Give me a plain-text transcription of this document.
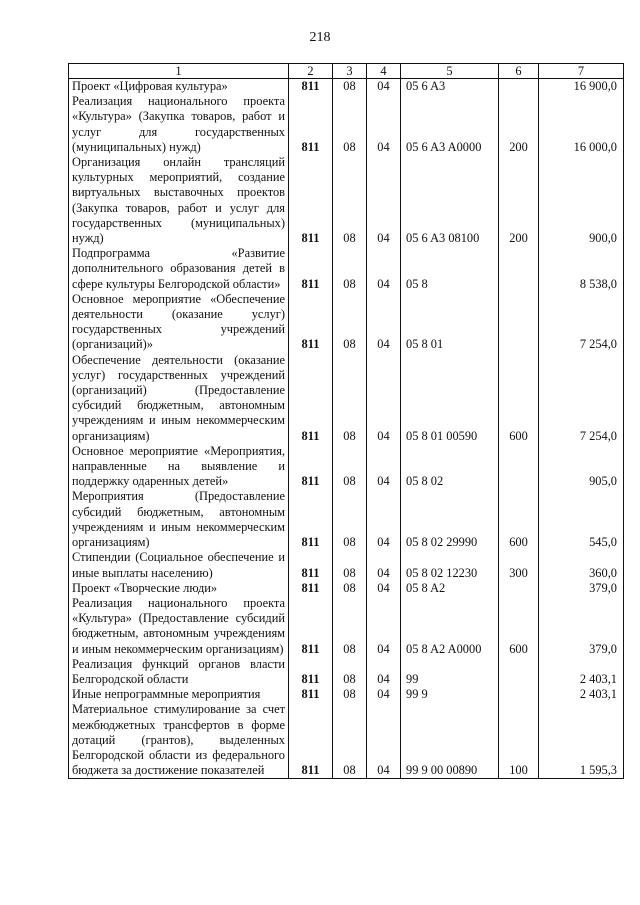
218
1	2	3	4	5	6	7
Проект «Цифровая культура»	811	08	04	05 6 A3		16 900,0
Реализация национального проекта «Культура» (Закупка товаров, работ и услуг для государственных (муниципальных) нужд)	811	08	04	05 6 A3 A0000	200	16 000,0
Организация онлайн трансляций культурных мероприятий, создание виртуальных выставочных проектов (Закупка товаров, работ и услуг для государственных (муниципальных) нужд)	811	08	04	05 6 A3 08100	200	900,0
Подпрограмма «Развитие дополнительного образования детей в сфере культуры Белгородской области»	811	08	04	05 8		8 538,0
Основное мероприятие «Обеспечение деятельности (оказание услуг) государственных учреждений (организаций)»	811	08	04	05 8 01		7 254,0
Обеспечение деятельности (оказание услуг) государственных учреждений (организаций) (Предоставление субсидий бюджетным, автономным учреждениям и иным некоммерческим организациям)	811	08	04	05 8 01 00590	600	7 254,0
Основное мероприятие «Мероприятия, направленные на выявление и поддержку одаренных детей»	811	08	04	05 8 02		905,0
Мероприятия (Предоставление субсидий бюджетным, автономным учреждениям и иным некоммерческим организациям)	811	08	04	05 8 02 29990	600	545,0
Стипендии (Социальное обеспечение и иные выплаты населению)	811	08	04	05 8 02 12230	300	360,0
Проект «Творческие люди»	811	08	04	05 8 A2		379,0
Реализация национального проекта «Культура» (Предоставление субсидий бюджетным, автономным учреждениям и иным некоммерческим организациям)	811	08	04	05 8 A2 A0000	600	379,0
Реализация функций органов власти Белгородской области	811	08	04	99		2 403,1
Иные непрограммные мероприятия	811	08	04	99 9		2 403,1
Материальное стимулирование за счет межбюджетных трансфертов в форме дотаций (грантов), выделенных Белгородской области из федерального бюджета за достижение показателей	811	08	04	99 9 00 00890	100	1 595,3
